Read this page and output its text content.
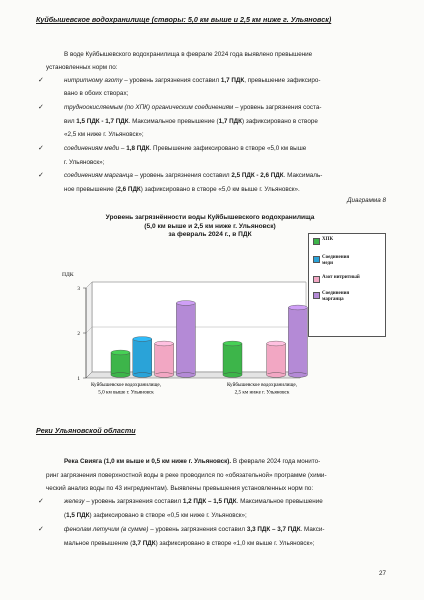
Куйбышевское водохранилище (створы: 5,0 км выше и 2,5 км ниже г. Ульяновск)
В воде Куйбышевского водохранилища в феврале 2024 года выявлено превышение
установленных норм по:
✓	нитритному азоту – уровень загрязнения составил 1,7 ПДК, превышение зафиксиро-
вано в обоих створах;
✓	трудноокисляемым (по ХПК) органическим соединениям – уровень загрязнения соста-
вил 1,5 ПДК - 1,7 ПДК. Максимальное превышение (1,7 ПДК) зафиксировано в створе
«2,5 км ниже г. Ульяновск»;
✓	соединениям меди – 1,8 ПДК. Превышение зафиксировано в створе «5,0 км выше
г. Ульяновск»;
✓	соединениям марганца – уровень загрязнения составил 2,5 ПДК - 2,6 ПДК. Максималь-
ное превышение (2,6 ПДК) зафиксировано в створе «5,0 км выше г. Ульяновск».
Диаграмма 8
Уровень загрязнённости воды Куйбышевского водохранилища
(5,0 км выше и 2,5 км ниже г. Ульяновск)
за февраль 2024 г., в ПДК
ПДК
1
2
3
Куйбышевское водохранилище,
5,0 км выше г. Ульяновск
Куйбышевское водохранилище,
2,5 км ниже г. Ульяновск
ХПК
Соединения
меди
Азот нитритный
Соединения
марганца
Реки Ульяновской области
Река Свияга (1,0 км выше и 0,5 км ниже г. Ульяновск). В феврале 2024 года монито-
ринг загрязнения поверхностной воды в реке проводился по «обязательной» программе (хими-
ческий анализ воды по 43 ингредиентам). Выявлены превышения установленных норм по:
✓	железу – уровень загрязнения составил 1,2 ПДК – 1,5 ПДК. Максимальное превышение
(1,5 ПДК) зафиксировано в створе «0,5 км ниже г. Ульяновск»;
✓	фенолам летучим (в сумме) – уровень загрязнения составил 3,3 ПДК – 3,7 ПДК. Макси-
мальное превышение (3,7 ПДК) зафиксировано в створе «1,0 км выше г. Ульяновск»;
27
